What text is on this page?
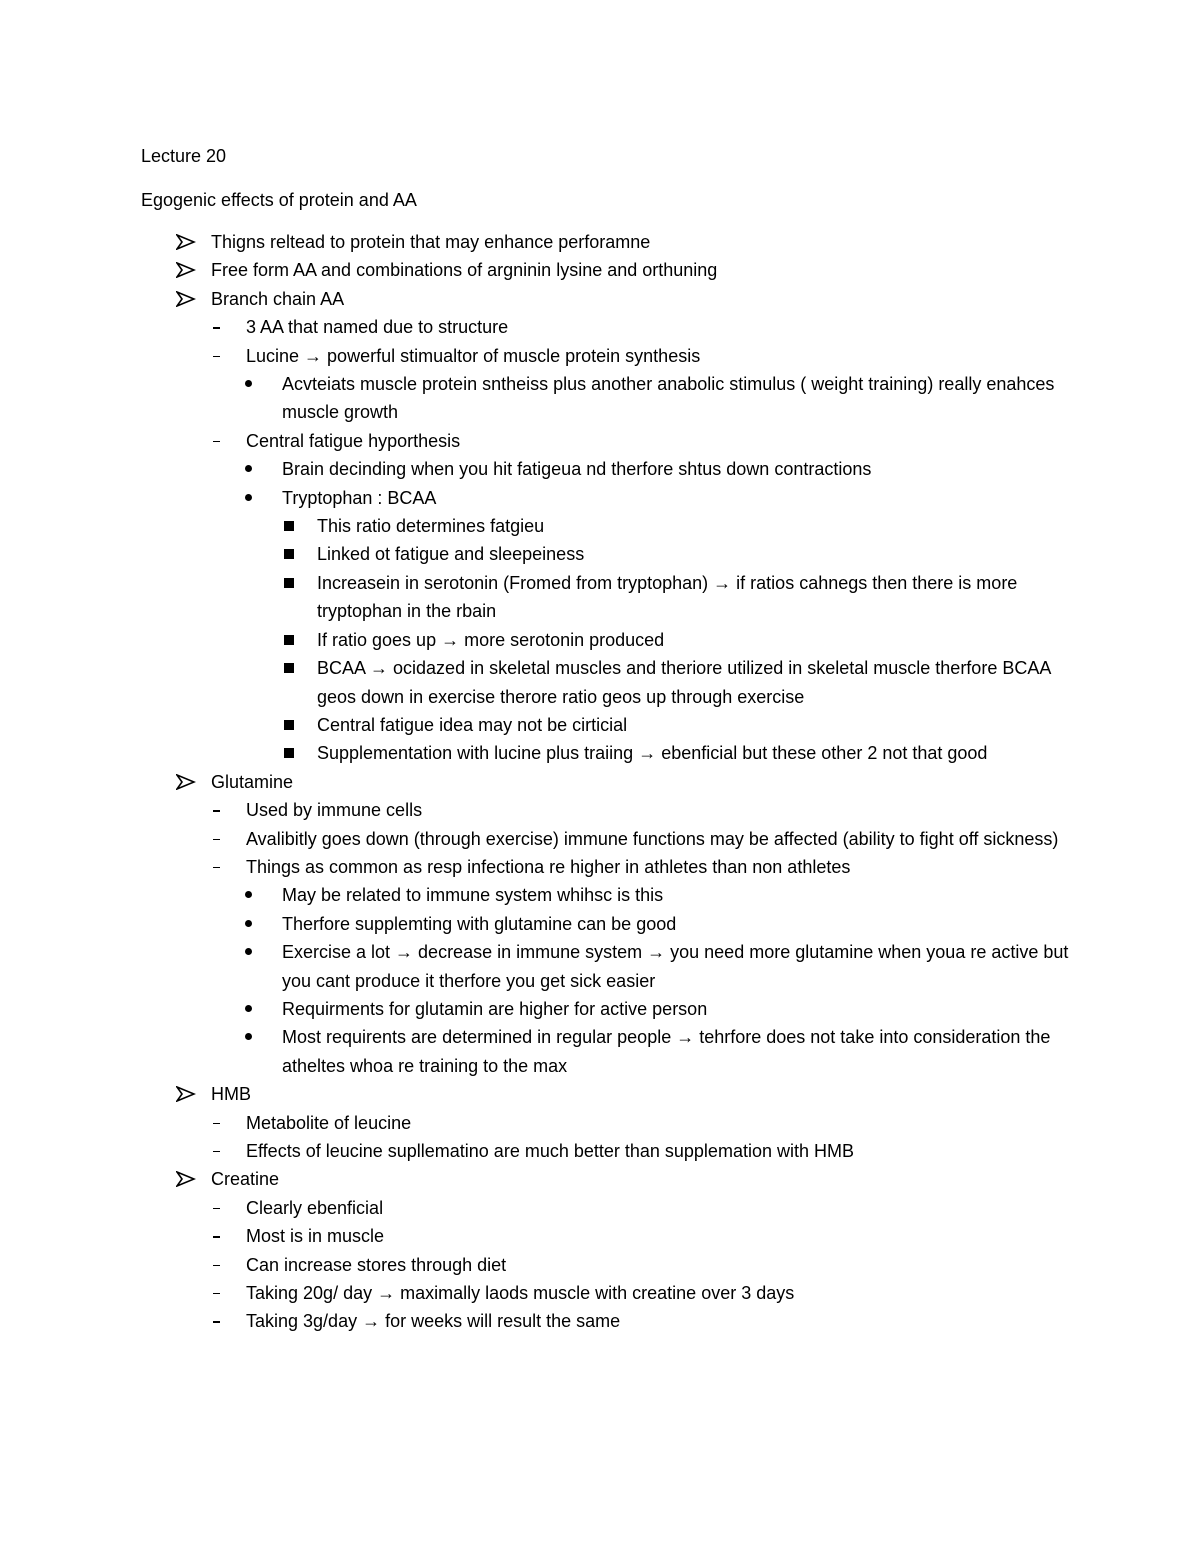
Lecture 20
Egogenic effects of protein and AA
Thigns reltead to protein that may enhance perforamne
Free form AA and combinations of argninin lysine and orthuning
Branch chain AA
3 AA that named due to structure
Lucine → powerful stimualtor of muscle protein synthesis
Acvteiats muscle protein sntheiss plus another anabolic stimulus ( weight training) really enahces muscle growth
Central fatigue hyporthesis
Brain decinding when you hit fatigeua nd therfore shtus down contractions
Tryptophan : BCAA
This ratio determines fatgieu
Linked ot fatigue and sleepeiness
Increasein in serotonin (Fromed from tryptophan) → if ratios cahnegs then there is more tryptophan in the rbain
If ratio goes up → more serotonin produced
BCAA → ocidazed in skeletal muscles and theriore utilized in skeletal muscle therfore BCAA geos down in exercise therore ratio geos up through exercise
Central fatigue idea may not be cirticial
Supplementation with lucine plus traiing → ebenficial but these other 2 not that good
Glutamine
Used by immune cells
Avalibitly goes down (through exercise) immune functions may be affected (ability to fight off sickness)
Things as common as resp infectiona re higher in athletes than non athletes
May be related to immune system whihsc is this
Therfore supplemting with glutamine can be good
Exercise a lot → decrease in immune system → you need more glutamine when youa re active but you cant produce it therfore you get sick easier
Requirments for glutamin are higher for active person
Most requirents are determined in regular people → tehrfore does not take into consideration the atheltes whoa re training to the max
HMB
Metabolite of leucine
Effects of leucine supllematino are much better than supplemation with HMB
Creatine
Clearly ebenficial
Most is in muscle
Can increase stores through diet
Taking 20g/ day → maximally laods muscle with creatine over 3 days
Taking 3g/day → for weeks will result the same
